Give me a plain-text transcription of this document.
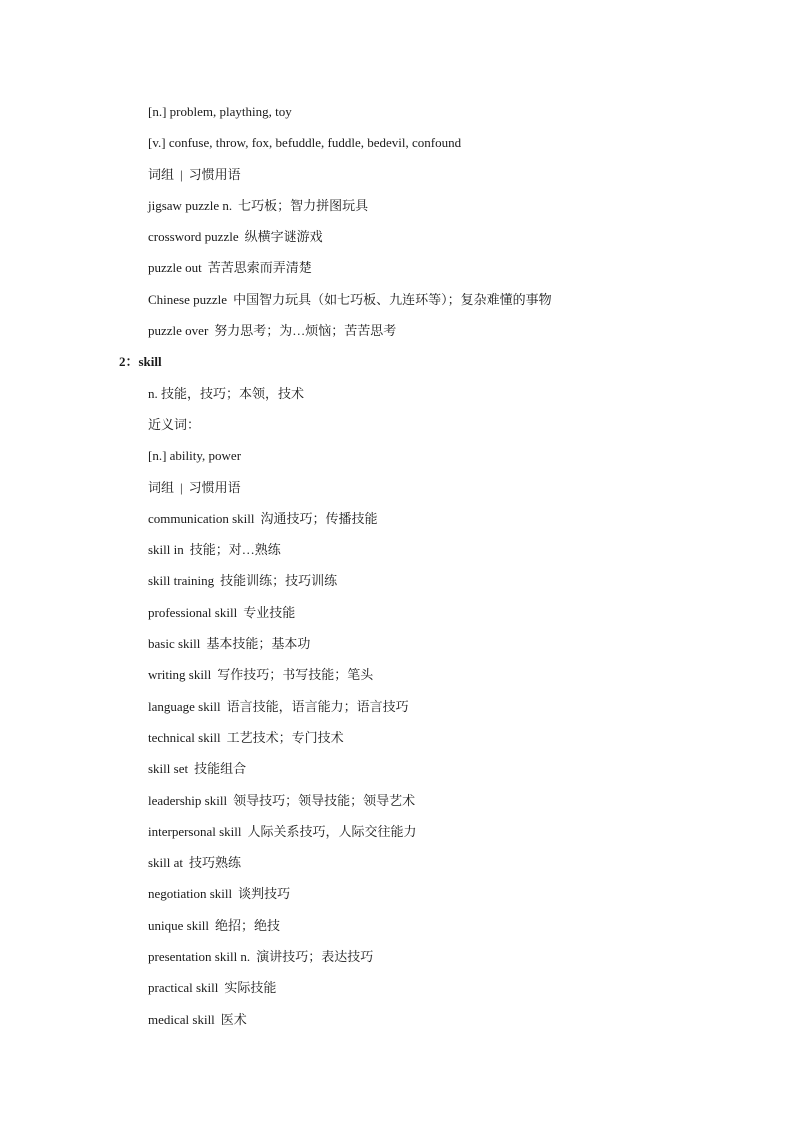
[n.] problem, plaything, toy
[v.] confuse, throw, fox, befuddle, fuddle, bedevil, confound
词组 | 习惯用语
jigsaw puzzle n. 七巧板；智力拼图玩具
crossword puzzle 纵横字谜游戏
puzzle out 苦苦思索而弄清楚
Chinese puzzle 中国智力玩具（如七巧板、九连环等）；复杂难懂的事物
puzzle over 努力思考；为…烦恼；苦苦思考
2：skill
n. 技能，技巧；本领，技术
近义词：
[n.] ability, power
词组 | 习惯用语
communication skill 沟通技巧；传播技能
skill in 技能；对…熟练
skill training 技能训练；技巧训练
professional skill 专业技能
basic skill 基本技能；基本功
writing skill 写作技巧；书写技能；笔头
language skill 语言技能，语言能力；语言技巧
technical skill 工艺技术；专门技术
skill set 技能组合
leadership skill 领导技巧；领导技能；领导艺术
interpersonal skill 人际关系技巧，人际交往能力
skill at 技巧熟练
negotiation skill 谈判技巧
unique skill 绝招；绝技
presentation skill n. 演讲技巧；表达技巧
practical skill 实际技能
medical skill 医术
